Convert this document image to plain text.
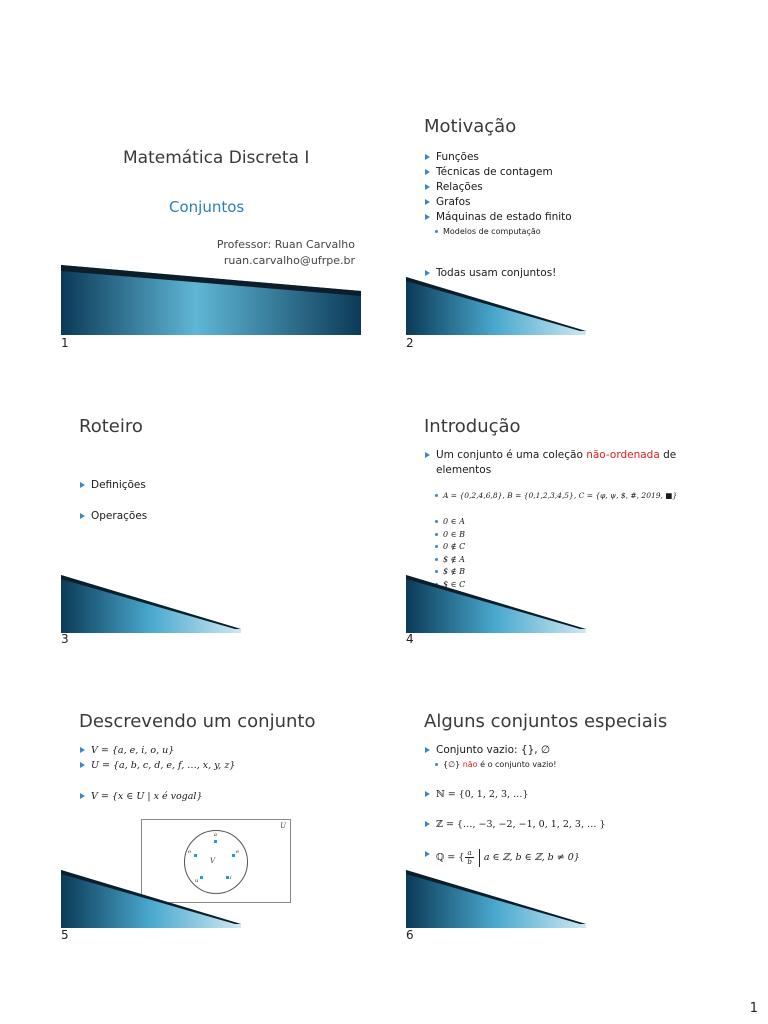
Matemática Discreta I
Conjuntos
Professor: Ruan Carvalho
ruan.carvalho@ufrpe.br
1
Motivação
Funções
Técnicas de contagem
Relações
Grafos
Máquinas de estado finito
Modelos de computação
Todas usam conjuntos!
2
Roteiro
Definições
Operações
3
Introdução
Um conjunto é uma coleção não-ordenada de elementos
A = {0,2,4,6,8}, B = {0,1,2,3,4,5}, C = {φ, ψ, $, #, 2019, ■}
0 ∈ A
0 ∈ B
0 ∉ C
$ ∉ A
$ ∉ B
$ ∈ C
4
Descrevendo um conjunto
V = {a, e, i, o, u}
U = {a, b, c, d, e, f, …, x, y, z}
V = {x ∈ U | x é vogal}
U
V
a
e
i
o
u
5
Alguns conjuntos especiais
Conjunto vazio: {}, ∅
{∅} não é o conjunto vazio!
ℕ = {0, 1, 2, 3, …}
ℤ = {…, −3, −2, −1, 0, 1, 2, 3, … }
ℚ = { $\frac{a}{b}$ a ∈ ℤ, b ∈ ℤ, b ≠ 0}
6
1
